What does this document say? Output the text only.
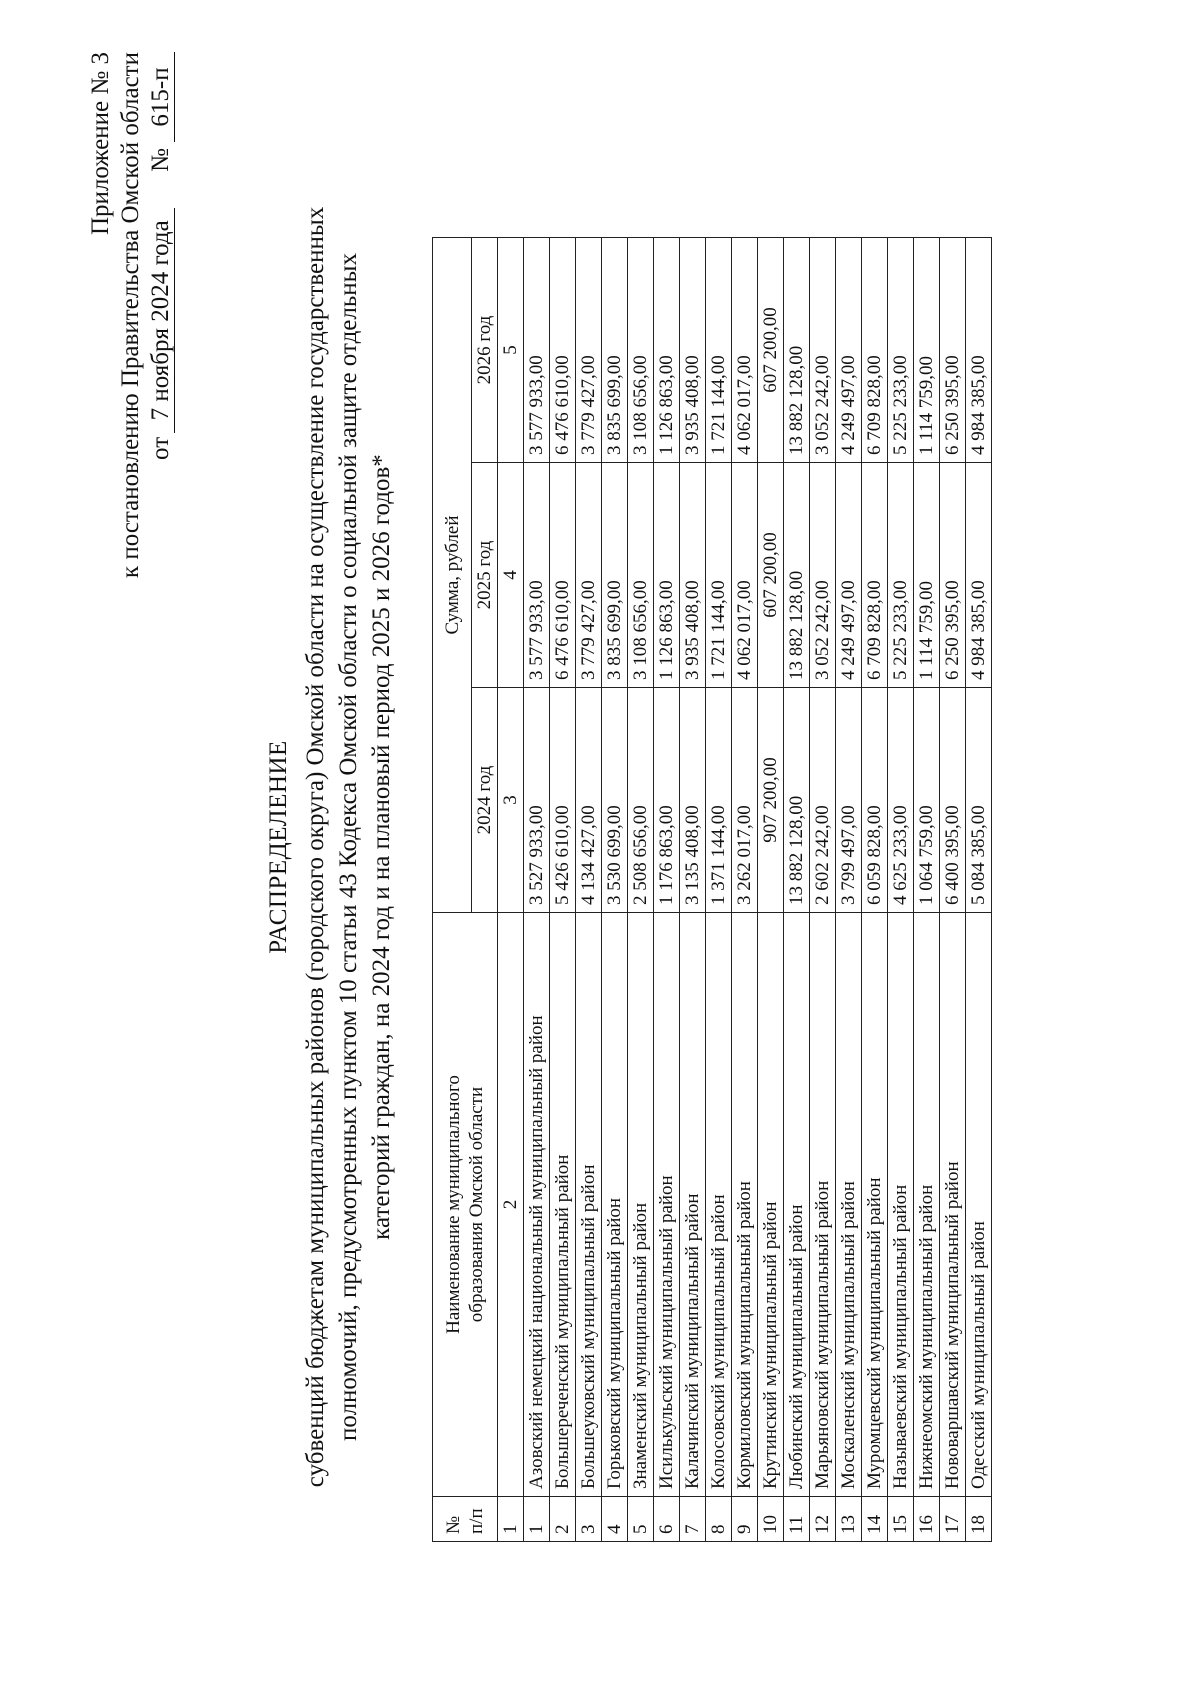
Приложение № 3 к постановлению Правительства Омской области от
7 ноября 2024 года
№
615-п
РАСПРЕДЕЛЕНИЕ субвенций бюджетам муниципальных районов (городского округа) Омской области на осуществление государственных полномочий, предусмотренных пунктом 10 статьи 43 Кодекса Омской области о социальной защите отдельных категорий граждан, на 2024 год и на плановый период 2025 и 2026 годов*
№ п/п	Наименование муниципального образования Омской области	Сумма, рублей		
		2024 год	2025 год	2026 год
1	2	3	4	5
1	Азовский немецкий национальный муниципальный район	3 527 933,00	3 577 933,00	3 577 933,00
2	Большереченский муниципальный район	5 426 610,00	6 476 610,00	6 476 610,00
3	Большеуковский муниципальный район	4 134 427,00	3 779 427,00	3 779 427,00
4	Горьковский муниципальный район	3 530 699,00	3 835 699,00	3 835 699,00
5	Знаменский муниципальный район	2 508 656,00	3 108 656,00	3 108 656,00
6	Исилькульский муниципальный район	1 176 863,00	1 126 863,00	1 126 863,00
7	Калачинский муниципальный район	3 135 408,00	3 935 408,00	3 935 408,00
8	Колосовский муниципальный район	1 371 144,00	1 721 144,00	1 721 144,00
9	Кормиловский муниципальный район	3 262 017,00	4 062 017,00	4 062 017,00
10	Крутинский муниципальный район	907 200,00	607 200,00	607 200,00
11	Любинский муниципальный район	13 882 128,00	13 882 128,00	13 882 128,00
12	Марьяновский муниципальный район	2 602 242,00	3 052 242,00	3 052 242,00
13	Москаленский муниципальный район	3 799 497,00	4 249 497,00	4 249 497,00
14	Муромцевский муниципальный район	6 059 828,00	6 709 828,00	6 709 828,00
15	Называевский муниципальный район	4 625 233,00	5 225 233,00	5 225 233,00
16	Нижнеомский муниципальный район	1 064 759,00	1 114 759,00	1 114 759,00
17	Нововаршавский муниципальный район	6 400 395,00	6 250 395,00	6 250 395,00
18	Одесский муниципальный район	5 084 385,00	4 984 385,00	4 984 385,00
